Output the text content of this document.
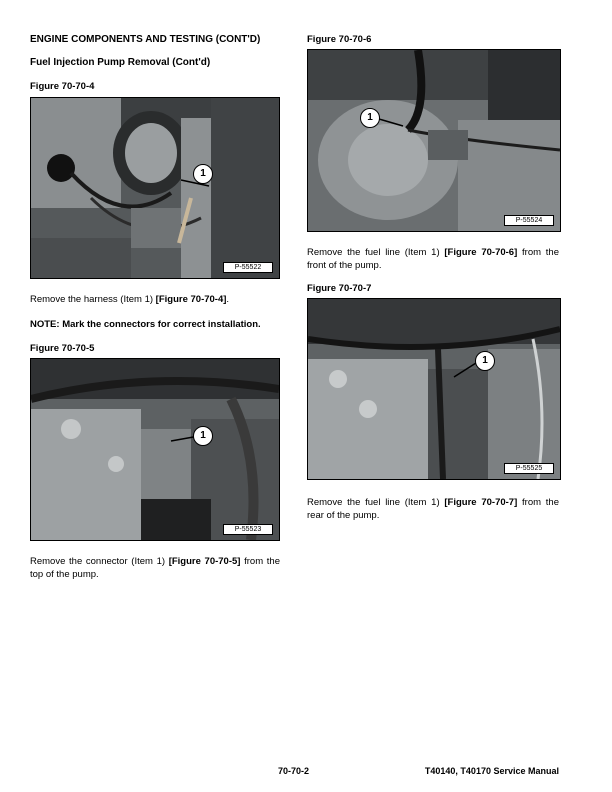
ENGINE COMPONENTS AND TESTING (CONT'D)
Fuel Injection Pump Removal (Cont'd)
Figure 70-70-4
1
P-55522
Remove the harness (Item 1) [Figure 70-70-4].
NOTE: Mark the connectors for correct installation.
Figure 70-70-5
1
P-55523
Remove the connector (Item 1) [Figure 70-70-5] from the top of the pump.
Figure 70-70-6
1
P-55524
Remove the fuel line (Item 1) [Figure 70-70-6] from the front of the pump.
Figure 70-70-7
1
P-55525
Remove the fuel line (Item 1) [Figure 70-70-7] from the rear of the pump.
70-70-2	T40140, T40170 Service Manual
